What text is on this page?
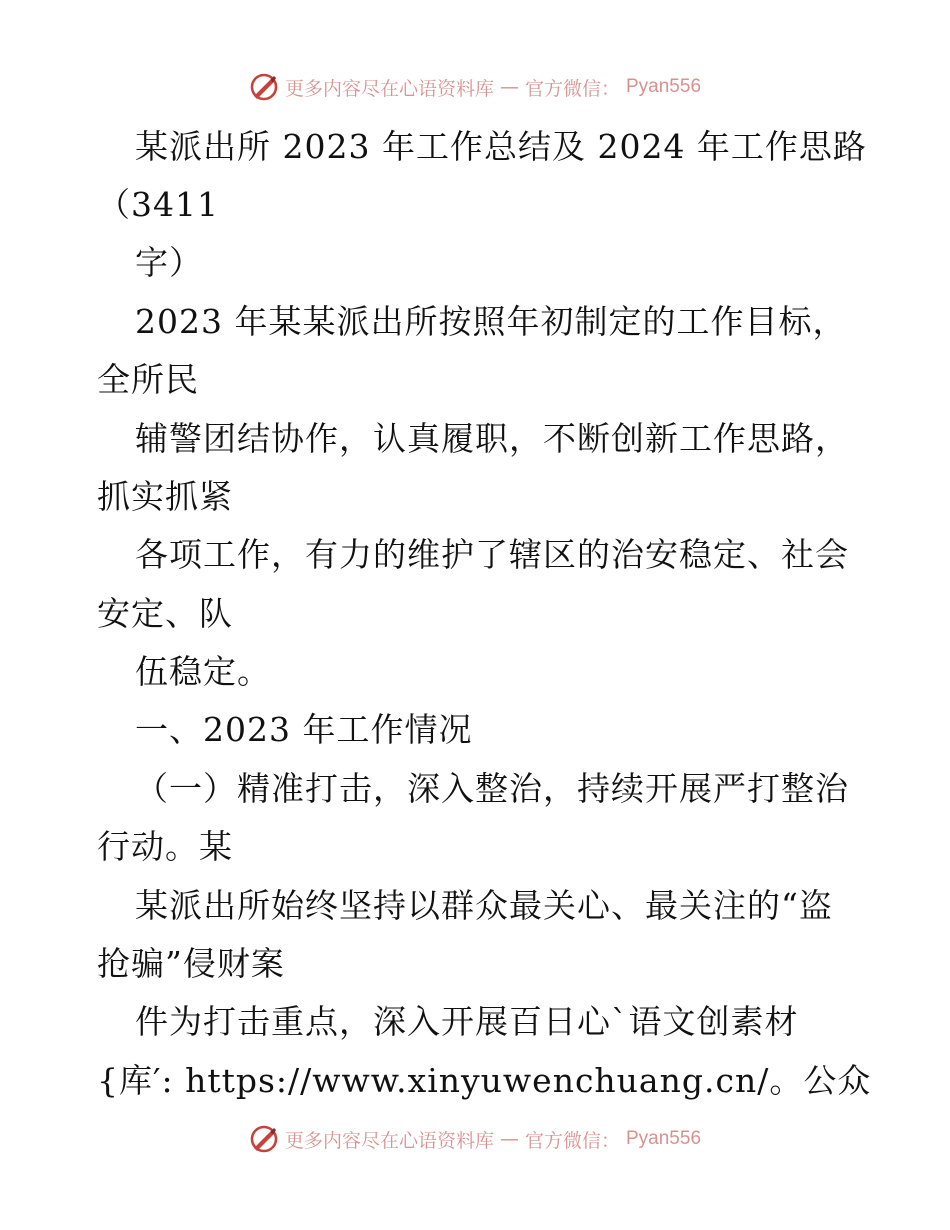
更多内容尽在心语资料库 — 官方微信： Pyan556
某派出所 2023 年工作总结及 2024 年工作思路
（3411
字）
2023 年某某派出所按照年初制定的工作目标，
全所民
辅警团结协作，认真履职，不断创新工作思路，
抓实抓紧
各项工作，有力的维护了辖区的治安稳定、社会
安定、队
伍稳定。
一、2023 年工作情况
（一）精准打击，深入整治，持续开展严打整治
行动。某
某派出所始终坚持以群众最关心、最关注的“盗
抢骗”侵财案
件为打击重点，深入开展百日心`语文创素材
{库′: https://www.xinyuwenchuang.cn/。公众
更多内容尽在心语资料库 — 官方微信： Pyan556
